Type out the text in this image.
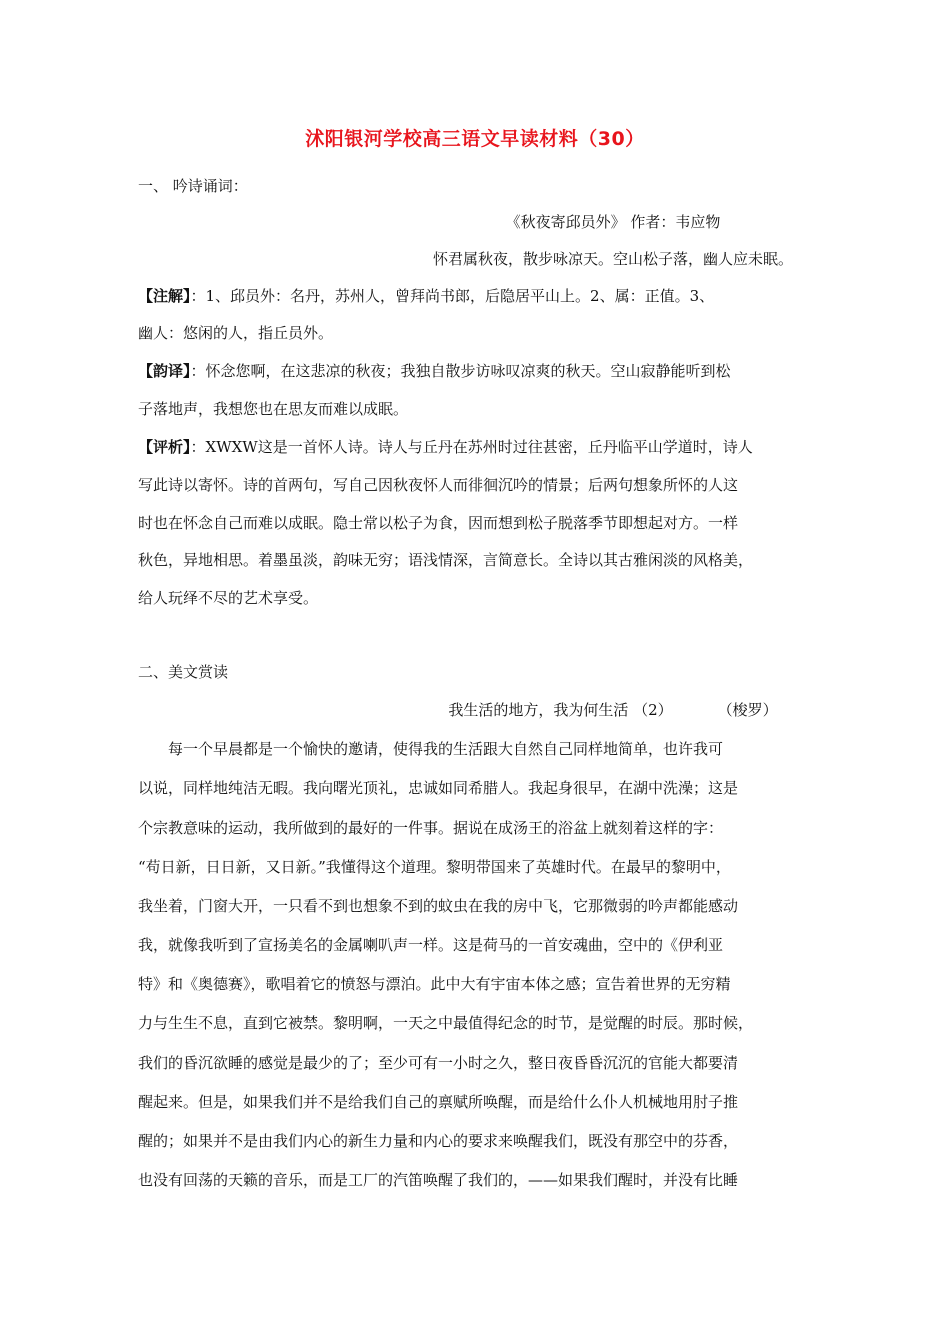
沭阳银河学校高三语文早读材料（30）
一、 吟诗诵词：
《秋夜寄邱员外》 作者：韦应物
怀君属秋夜，散步咏凉天。空山松子落，幽人应未眠。
【注解】：1、邱员外：名丹，苏州人，曾拜尚书郎，后隐居平山上。2、属：正值。3、
幽人：悠闲的人，指丘员外。
【韵译】：怀念您啊，在这悲凉的秋夜；我独自散步访咏叹凉爽的秋天。空山寂静能听到松
子落地声，我想您也在思友而难以成眠。
【评析】：XWXW这是一首怀人诗。诗人与丘丹在苏州时过往甚密，丘丹临平山学道时，诗人
写此诗以寄怀。诗的首两句，写自己因秋夜怀人而徘徊沉吟的情景；后两句想象所怀的人这
时也在怀念自己而难以成眠。隐士常以松子为食，因而想到松子脱落季节即想起对方。一样
秋色，异地相思。着墨虽淡，韵味无穷；语浅情深，言简意长。全诗以其古雅闲淡的风格美，
给人玩绎不尽的艺术享受。
二、美文赏读
我生活的地方，我为何生活 （2）　　　　（梭罗）
　　每一个早晨都是一个愉快的邀请，使得我的生活跟大自然自己同样地简单，也许我可
以说，同样地纯洁无暇。我向曙光顶礼，忠诚如同希腊人。我起身很早，在湖中洗澡；这是
个宗教意味的运动，我所做到的最好的一件事。据说在成汤王的浴盆上就刻着这样的字：
“苟日新，日日新，又日新。”我懂得这个道理。黎明带国来了英雄时代。在最早的黎明中，
我坐着，门窗大开，一只看不到也想象不到的蚊虫在我的房中飞，它那微弱的吟声都能感动
我，就像我听到了宣扬美名的金属喇叭声一样。这是荷马的一首安魂曲，空中的《伊利亚
特》和《奥德赛》，歌唱着它的愤怒与漂泊。此中大有宇宙本体之感；宣告着世界的无穷精
力与生生不息，直到它被禁。黎明啊，一天之中最值得纪念的时节，是觉醒的时辰。那时候，
我们的昏沉欲睡的感觉是最少的了；至少可有一小时之久，整日夜昏昏沉沉的官能大都要清
醒起来。但是，如果我们并不是给我们自己的禀赋所唤醒，而是给什么仆人机械地用肘子推
醒的；如果并不是由我们内心的新生力量和内心的要求来唤醒我们，既没有那空中的芬香，
也没有回荡的天籁的音乐，而是工厂的汽笛唤醒了我们的，——如果我们醒时，并没有比睡
